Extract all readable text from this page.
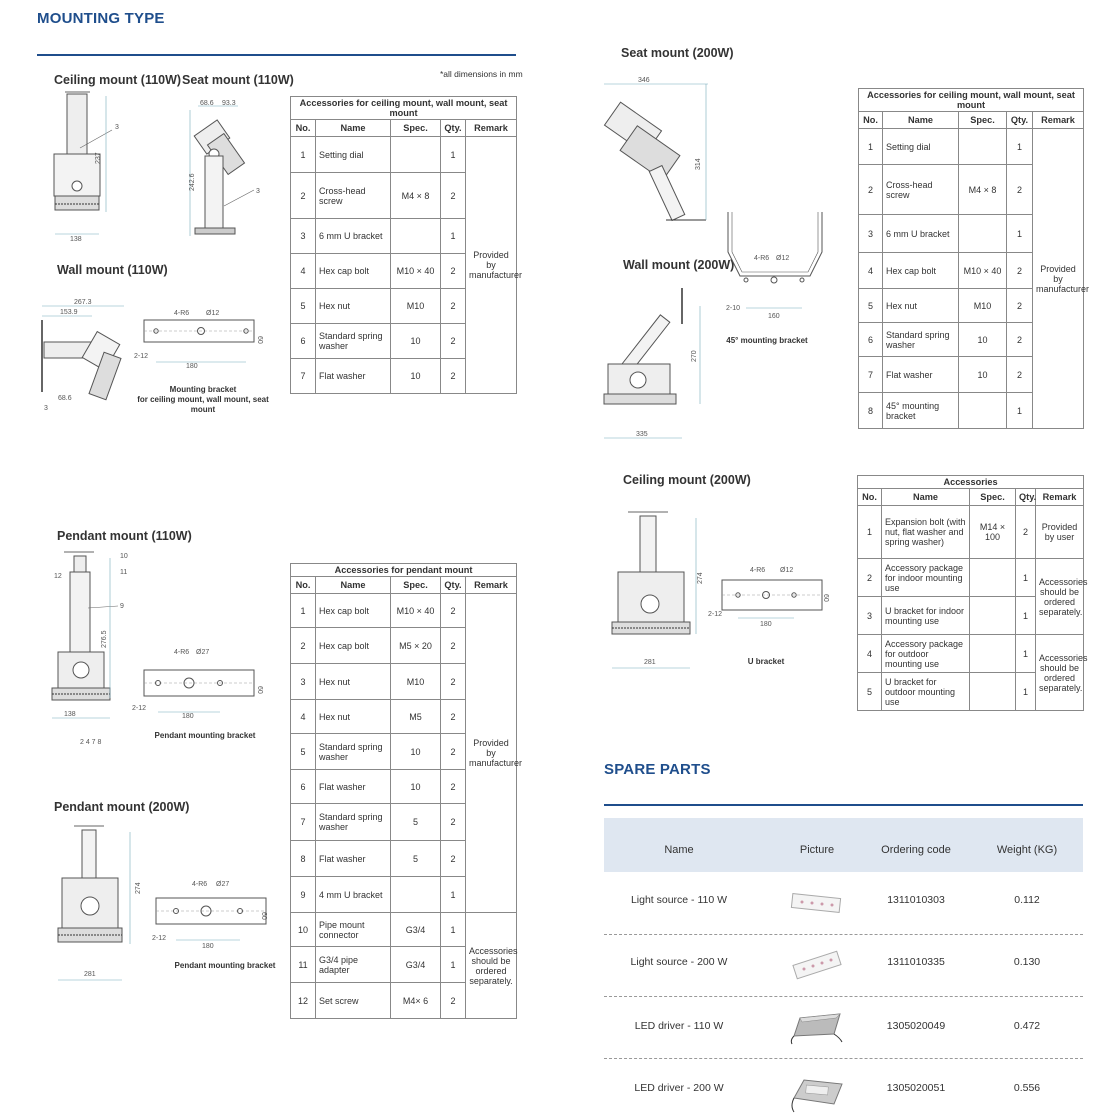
MOUNTING TYPE
Ceiling mount (110W) Seat mount (110W)	*all dimensions in mm
3
237
138
68.6 93.3
242.6
3
Wall mount (110W)
267.3
153.9
68.6
3
4-R6 Ø12
2-12
180
60
Mounting bracket
for ceiling mount, wall mount, seat mount
Accessories for ceiling mount, wall mount, seat mount				
No.	Name	Spec.	Qty.	Remark
1	Setting dial		1	Provided by manufacturer
2	Cross-head screw	M4 × 8	2	
3	6 mm U bracket		1	
4	Hex cap bolt	M10 × 40	2	
5	Hex nut	M10	2	
6	Standard spring washer	10	2	
7	Flat washer	10	2	
Pendant mount (110W)
10
12
11
9
276.5
138
2 4 7 8
4-R6 Ø27
2-12
180
60
Pendant mounting bracket
Pendant mount (200W)
274
281
4-R6 Ø27
2-12
180
60
Pendant mounting bracket
Accessories for pendant mount				
No.	Name	Spec.	Qty.	Remark
1	Hex cap bolt	M10 × 40	2	Provided by manufacturer
2	Hex cap bolt	M5 × 20	2	
3	Hex nut	M10	2	
4	Hex nut	M5	2	
5	Standard spring washer	10	2	
6	Flat washer	10	2	
7	Standard spring washer	5	2	
8	Flat washer	5	2	
9	4 mm U bracket		1	
10	Pipe mount connector	G3/4	1	Accessories should be ordered separately.
11	G3/4 pipe adapter	G3/4	1	
12	Set screw	M4× 6	2	
Seat mount (200W)
346
314
Wall mount (200W)
270
335
4-R6 Ø12
2-10
160
45° mounting bracket
Accessories for ceiling mount, wall mount, seat mount				
No.	Name	Spec.	Qty.	Remark
1	Setting dial		1	Provided by manufacturer
2	Cross-head screw	M4 × 8	2	
3	6 mm U bracket		1	
4	Hex cap bolt	M10 × 40	2	
5	Hex nut	M10	2	
6	Standard spring washer	10	2	
7	Flat washer	10	2	
8	45° mounting bracket		1	
Ceiling mount (200W)
274
281
4-R6 Ø12
2-12
180
60
U bracket
Accessories				
No.	Name	Spec.	Qty.	Remark
1	Expansion bolt (with nut, flat washer and spring washer)	M14 × 100	2	Provided by user
2	Accessory package for indoor mounting use		1	Accessories should be ordered separately.
3	U bracket for indoor mounting use		1	
4	Accessory package for outdoor mounting use		1	Accessories should be ordered separately.
5	U bracket for outdoor mounting use		1	
SPARE PARTS
Name	Picture	Ordering code	Weight (KG)
Light source - 110 W	1311010303	0.112
Light source - 200 W	1311010335	0.130
LED driver - 110 W	1305020049	0.472
LED driver - 200 W	1305020051	0.556
